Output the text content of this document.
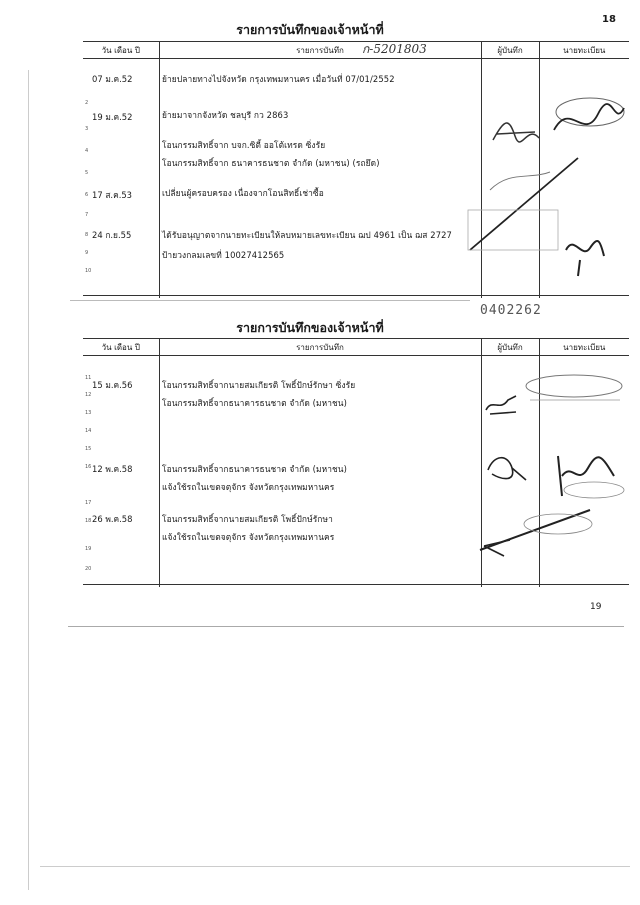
18
รายการบันทึกของเจ้าหน้าที่
วัน เดือน ปี	รายการบันทึก	ผู้บันทึก	นายทะเบียน

ก-5201803
2
3
4
5
6
7
8
9
10
07 ม.ค.52	ย้ายปลายทางไปจังหวัด กรุงเทพมหานคร เมื่อวันที่ 07/01/2552
19 ม.ค.52	ย้ายมาจากจังหวัด ชลบุรี กว 2863
โอนกรรมสิทธิ์จาก บจก.ซิตี้ ออโต้เทรด ซิ่งรัย
โอนกรรมสิทธิ์จาก ธนาคารธนชาต จำกัด (มหาชน) (รถยึด)
17 ส.ค.53	เปลี่ยนผู้ครอบครอง เนื่องจากโอนสิทธิ์เช่าซื้อ
24 ก.ย.55	ได้รับอนุญาตจากนายทะเบียนให้ลบหมายเลขทะเบียน ฌป 4961 เป็น ฌส 2727
ป้ายวงกลมเลขที่ 10027412565
0402262
รายการบันทึกของเจ้าหน้าที่
วัน เดือน ปี	รายการบันทึก	ผู้บันทึก	นายทะเบียน

11
12
13
14
15
16
17
18
19
20
15 ม.ค.56	โอนกรรมสิทธิ์จากนายสมเกียรติ โพธิ์ปักษ์รักษา ซิ่งรัย
โอนกรรมสิทธิ์จากธนาคารธนชาต จำกัด (มหาชน)
12 พ.ค.58	โอนกรรมสิทธิ์จากธนาคารธนชาต จำกัด (มหาชน)
แจ้งใช้รถในเขตจตุจักร จังหวัดกรุงเทพมหานคร
26 พ.ค.58	โอนกรรมสิทธิ์จากนายสมเกียรติ โพธิ์ปักษ์รักษา
แจ้งใช้รถในเขตจตุจักร จังหวัดกรุงเทพมหานคร
19
